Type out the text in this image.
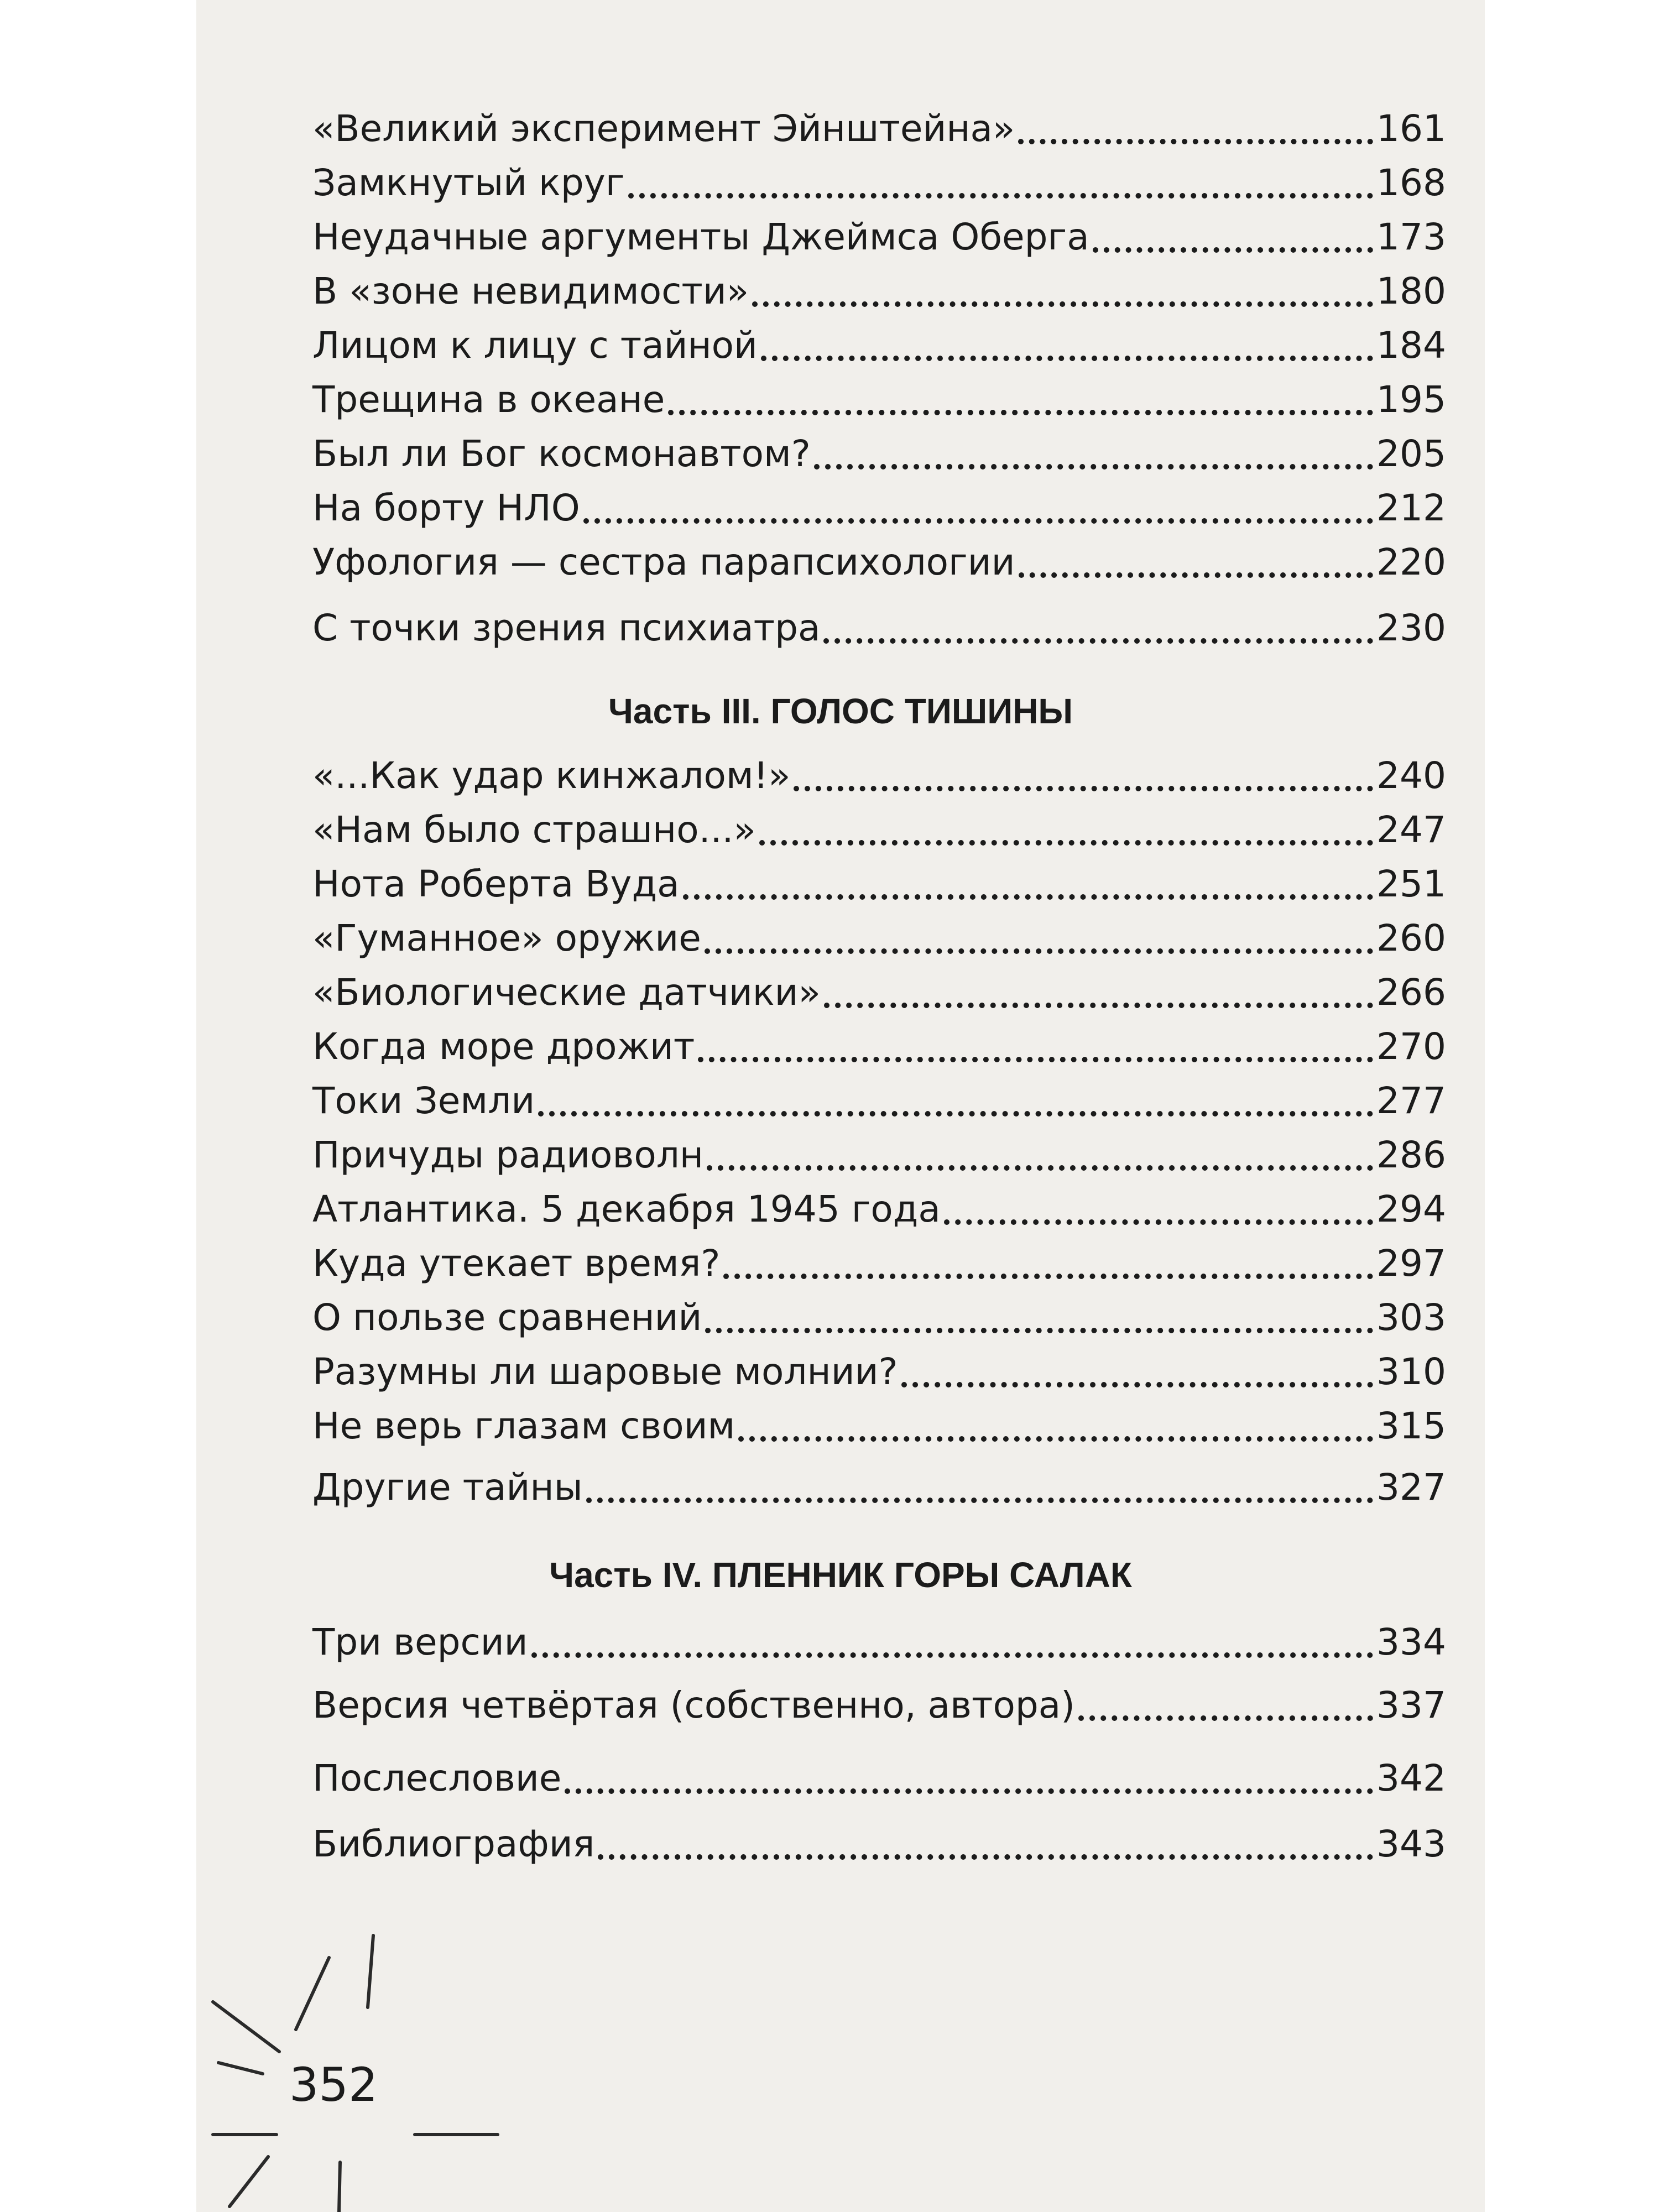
«Великий эксперимент Эйнштейна»	161
Замкнутый круг	168
Неудачные аргументы Джеймса Оберга	173
В «зоне невидимости»	180
Лицом к лицу с тайной	184
Трещина в океане	195
Был ли Бог космонавтом?	205
На борту НЛО	212
Уфология — сестра парапсихологии	220
С точки зрения психиатра	230
Часть III. ГОЛОС ТИШИНЫ
«...Как удар кинжалом!»	240
«Нам было страшно...»	247
Нота Роберта Вуда	251
«Гуманное» оружие	260
«Биологические датчики»	266
Когда море дрожит	270
Токи Земли	277
Причуды радиоволн	286
Атлантика. 5 декабря 1945 года	294
Куда утекает время?	297
О пользе сравнений	303
Разумны ли шаровые молнии?	310
Не верь глазам своим	315
Другие тайны	327
Часть IV. ПЛЕННИК ГОРЫ САЛАК
Три версии	334
Версия четвёртая (собственно, автора)	337
Послесловие	342
Библиография	343
352
